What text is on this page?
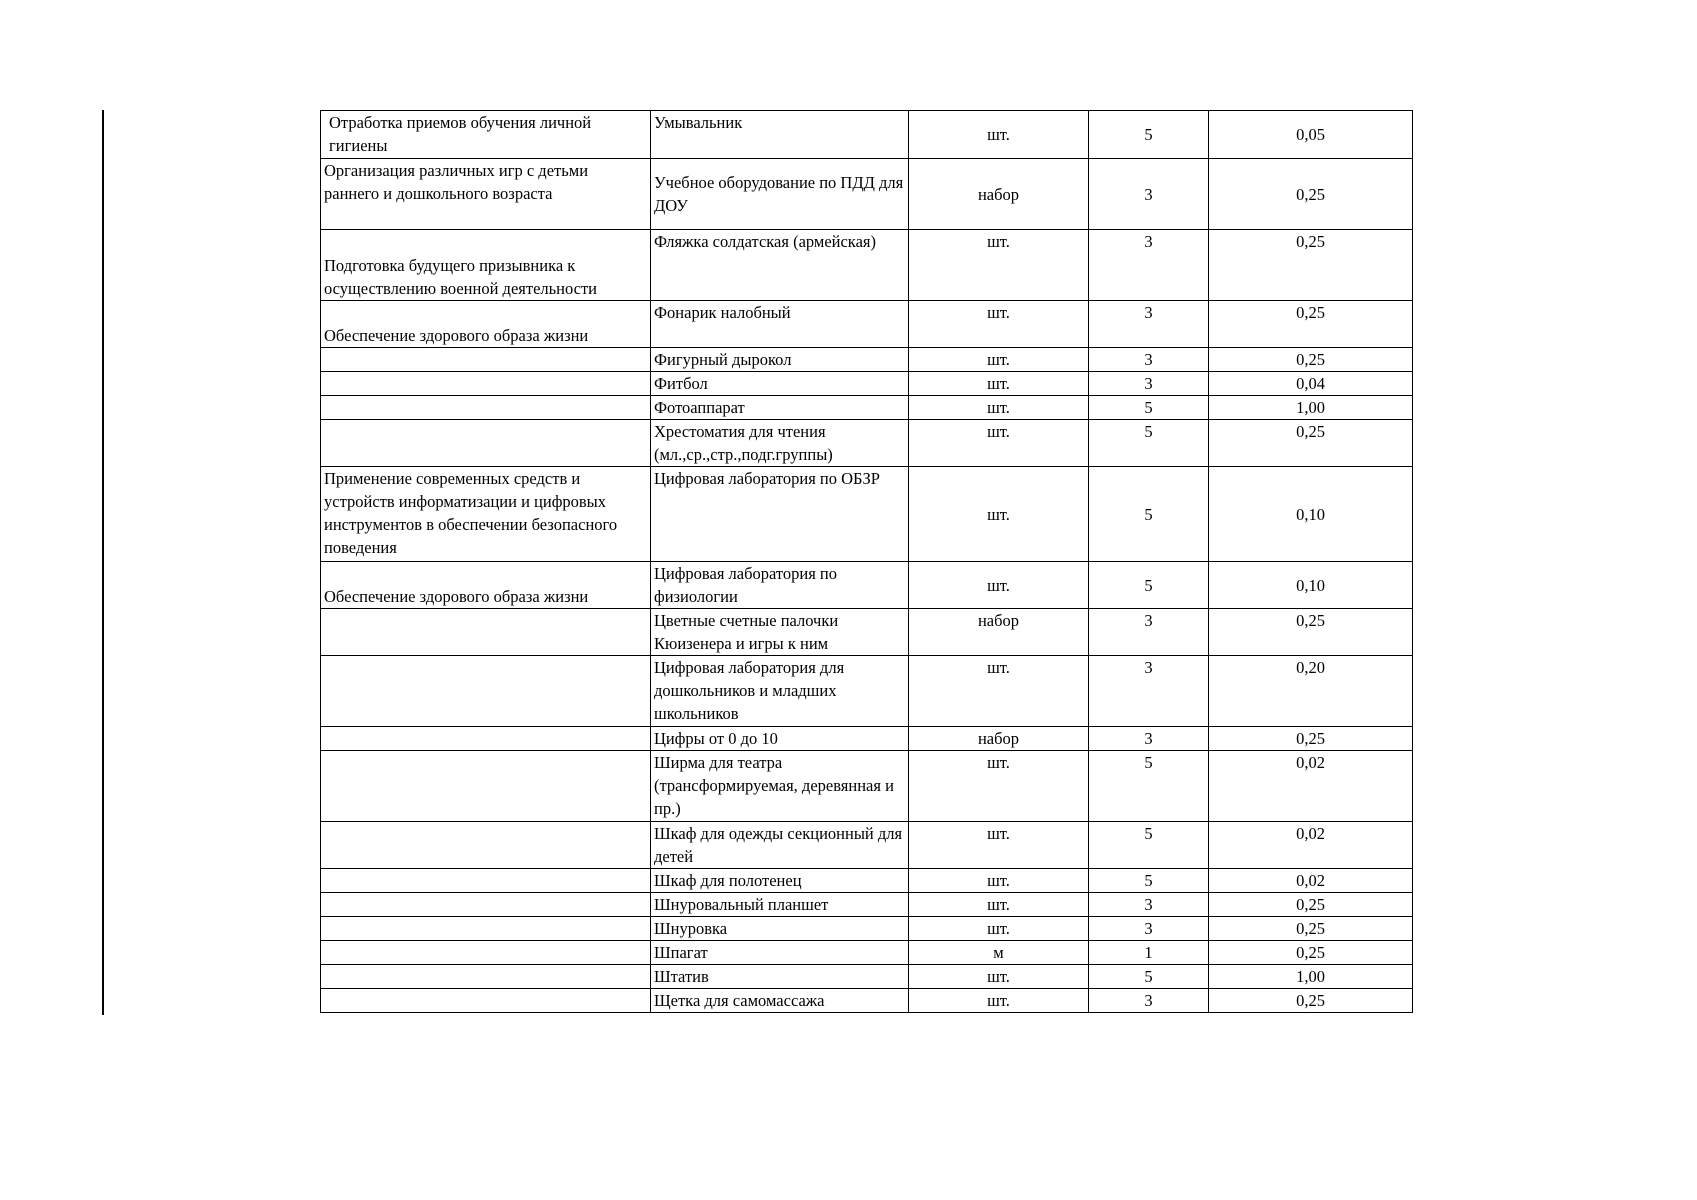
Отработка приемов обучения личной гигиены	Умывальник	шт.	5	0,05
Организация различных игр с детьми раннего и дошкольного возраста	Учебное оборудование по ПДД для ДОУ	набор	3	0,25
Подготовка будущего призывника к осуществлению военной деятельности	Фляжка солдатская (армейская)	шт.	3	0,25
Обеспечение здорового образа жизни	Фонарик налобный	шт.	3	0,25
	Фигурный дырокол	шт.	3	0,25
	Фитбол	шт.	3	0,04
	Фотоаппарат	шт.	5	1,00
	Хрестоматия для чтения (мл.,ср.,стр.,подг.группы)	шт.	5	0,25
Применение современных средств и устройств информатизации и цифровых инструментов в обеспечении безопасного поведения	Цифровая лаборатория по ОБЗР	шт.	5	0,10
Обеспечение здорового образа жизни	Цифровая лаборатория по физиологии	шт.	5	0,10
	Цветные счетные палочки Кюизенера и игры к ним	набор	3	0,25
	Цифровая лаборатория для дошкольников и младших школьников	шт.	3	0,20
	Цифры от 0 до 10	набор	3	0,25
	Ширма для театра (трансформируемая, деревянная и пр.)	шт.	5	0,02
	Шкаф для одежды секционный для детей	шт.	5	0,02
	Шкаф для полотенец	шт.	5	0,02
	Шнуровальный планшет	шт.	3	0,25
	Шнуровка	шт.	3	0,25
	Шпагат	м	1	0,25
	Штатив	шт.	5	1,00
	Щетка для самомассажа	шт.	3	0,25
